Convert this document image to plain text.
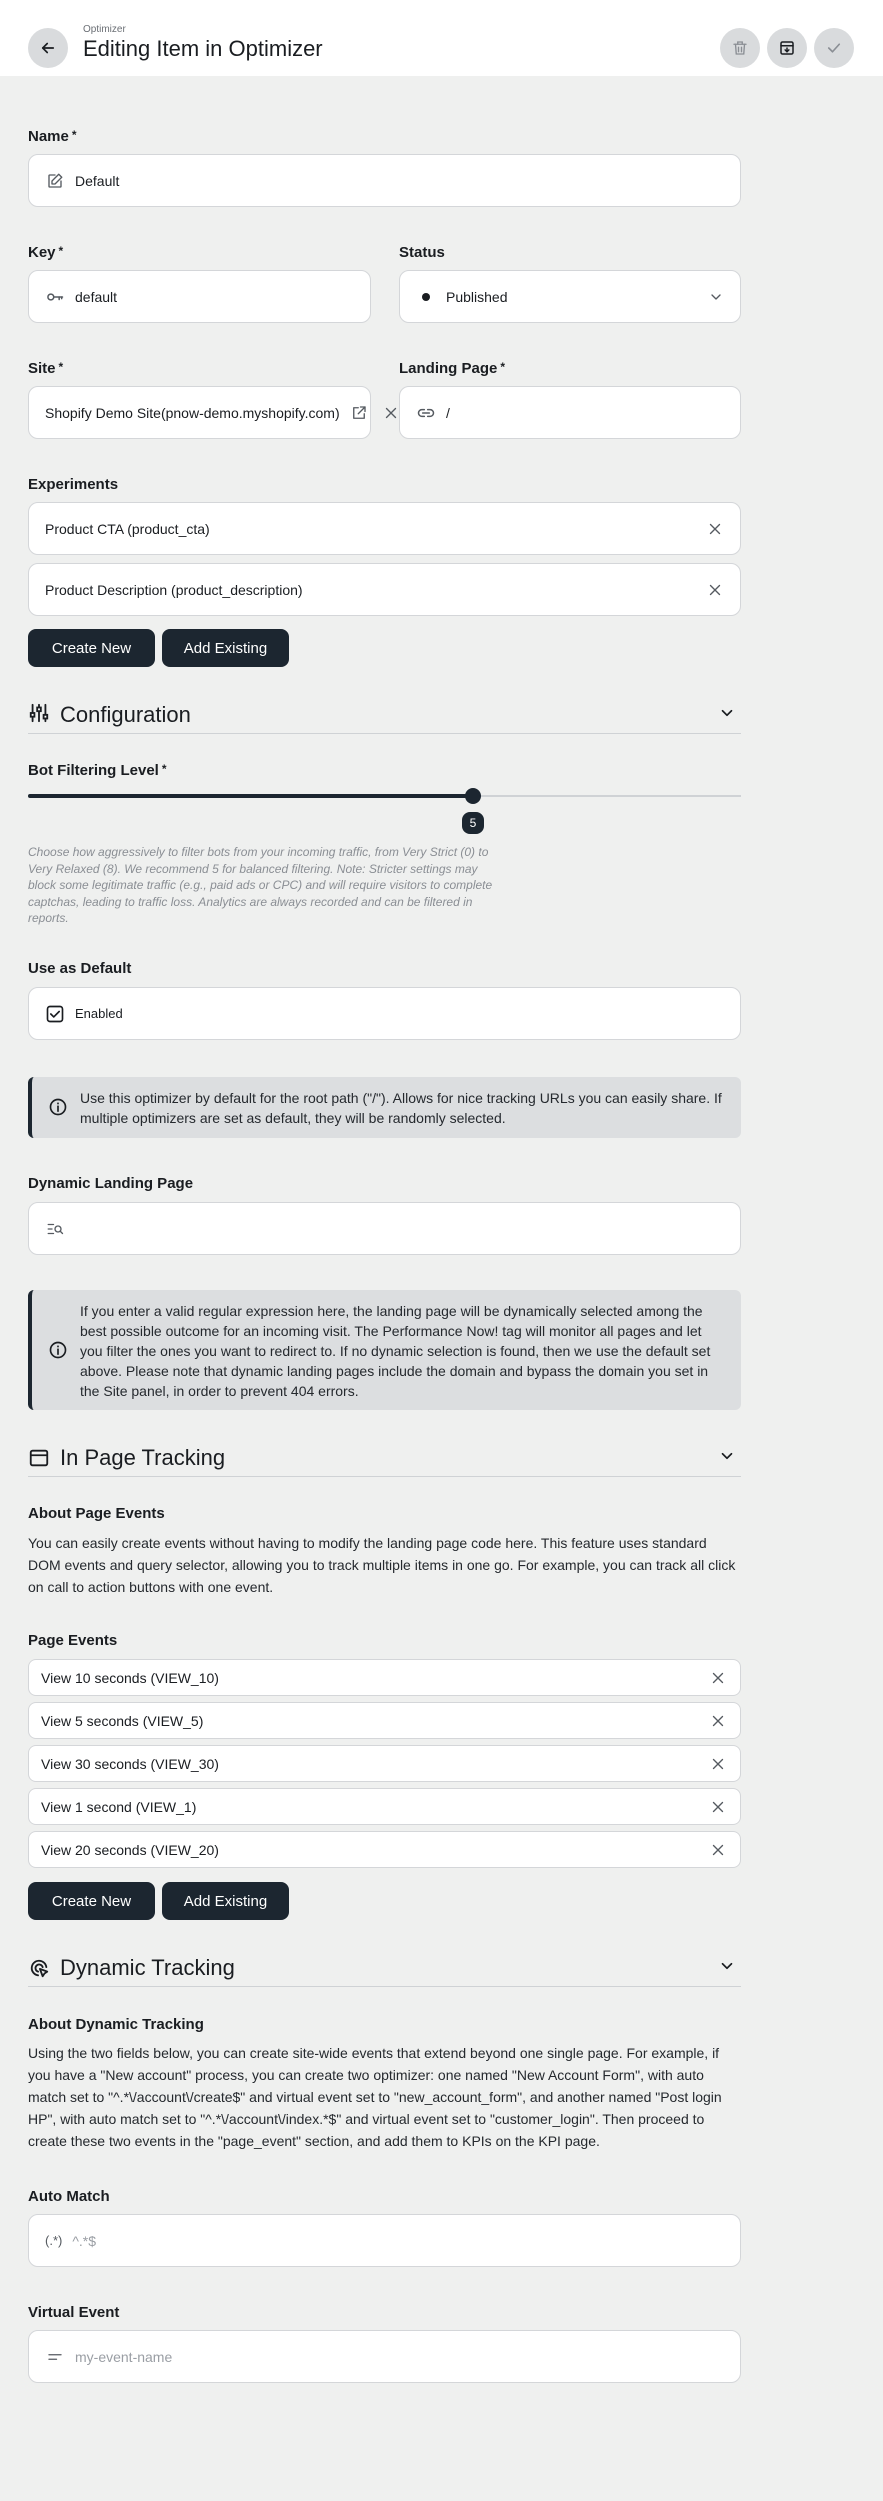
Optimizer
Editing Item in Optimizer
Name *
Default
Key *
default
Status
Published
Site *
Shopify Demo Site(pnow-demo.myshopify.com)
Landing Page *
/
Experiments
Product CTA (product_cta)
Product Description (product_description)
Create New	Add Existing
Configuration
Bot Filtering Level *
5
Choose how aggressively to filter bots from your incoming traffic, from Very Strict (0) to Very Relaxed (8). We recommend 5 for balanced filtering. Note: Stricter settings may block some legitimate traffic (e.g., paid ads or CPC) and will require visitors to complete captchas, leading to traffic loss. Analytics are always recorded and can be filtered in reports.
Use as Default
Enabled
Use this optimizer by default for the root path ("/"). Allows for nice tracking URLs you can easily share. If multiple optimizers are set as default, they will be randomly selected.
Dynamic Landing Page
If you enter a valid regular expression here, the landing page will be dynamically selected among the best possible outcome for an incoming visit. The Performance Now! tag will monitor all pages and let you filter the ones you want to redirect to. If no dynamic selection is found, then we use the default set above. Please note that dynamic landing pages include the domain and bypass the domain you set in the Site panel, in order to prevent 404 errors.
In Page Tracking
About Page Events
You can easily create events without having to modify the landing page code here. This feature uses standard DOM events and query selector, allowing you to track multiple items in one go. For example, you can track all click on call to action buttons with one event.
Page Events
View 10 seconds (VIEW_10)
View 5 seconds (VIEW_5)
View 30 seconds (VIEW_30)
View 1 second (VIEW_1)
View 20 seconds (VIEW_20)
Create New	Add Existing
Dynamic Tracking
About Dynamic Tracking
Using the two fields below, you can create site-wide events that extend beyond one single page. For example, if you have a "New account" process, you can create two optimizer: one named "New Account Form", with auto match set to "^.*\/account\/create$" and virtual event set to "new_account_form", and another named "Post login HP", with auto match set to "^.*\/account\/index.*$" and virtual event set to "customer_login". Then proceed to create these two events in the "page_event" section, and add them to KPIs on the KPI page.
Auto Match
(.*)
^.*$
Virtual Event
my-event-name
